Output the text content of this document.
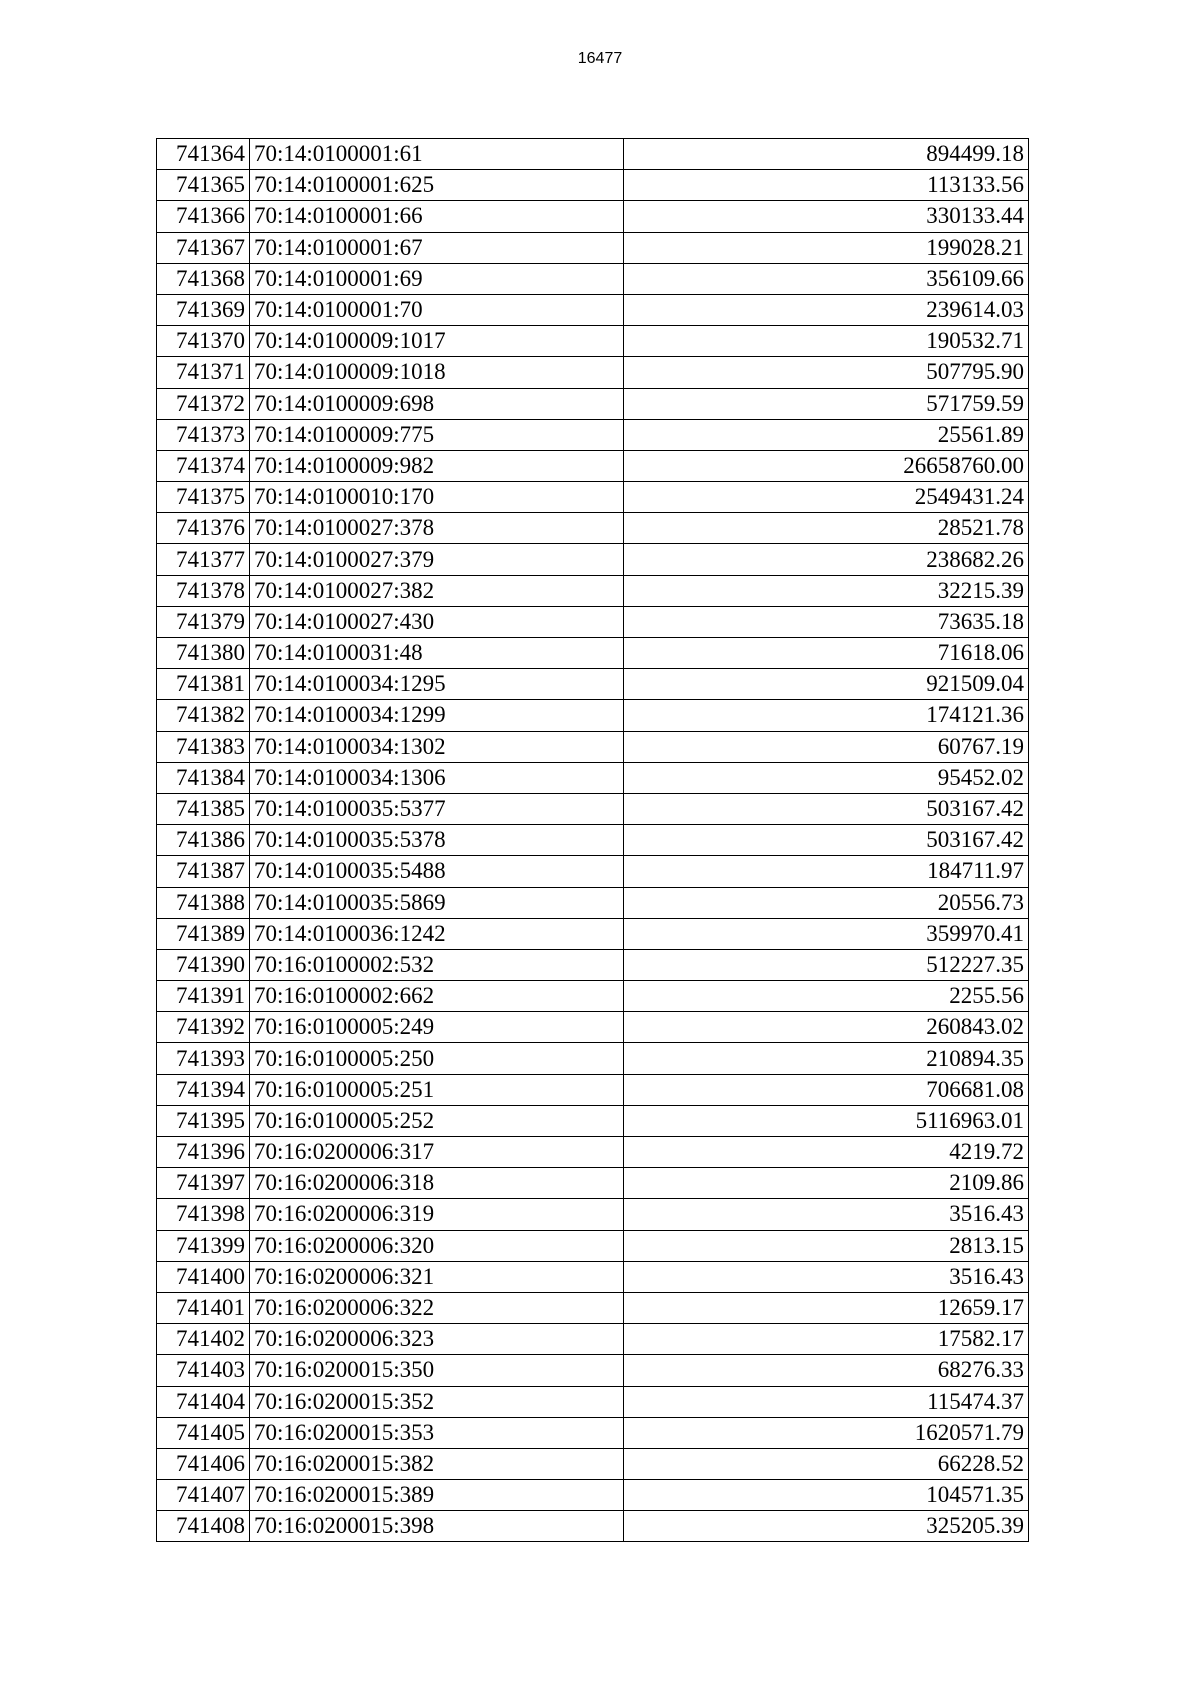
16477
741364	70:14:0100001:61	894499.18
741365	70:14:0100001:625	113133.56
741366	70:14:0100001:66	330133.44
741367	70:14:0100001:67	199028.21
741368	70:14:0100001:69	356109.66
741369	70:14:0100001:70	239614.03
741370	70:14:0100009:1017	190532.71
741371	70:14:0100009:1018	507795.90
741372	70:14:0100009:698	571759.59
741373	70:14:0100009:775	25561.89
741374	70:14:0100009:982	26658760.00
741375	70:14:0100010:170	2549431.24
741376	70:14:0100027:378	28521.78
741377	70:14:0100027:379	238682.26
741378	70:14:0100027:382	32215.39
741379	70:14:0100027:430	73635.18
741380	70:14:0100031:48	71618.06
741381	70:14:0100034:1295	921509.04
741382	70:14:0100034:1299	174121.36
741383	70:14:0100034:1302	60767.19
741384	70:14:0100034:1306	95452.02
741385	70:14:0100035:5377	503167.42
741386	70:14:0100035:5378	503167.42
741387	70:14:0100035:5488	184711.97
741388	70:14:0100035:5869	20556.73
741389	70:14:0100036:1242	359970.41
741390	70:16:0100002:532	512227.35
741391	70:16:0100002:662	2255.56
741392	70:16:0100005:249	260843.02
741393	70:16:0100005:250	210894.35
741394	70:16:0100005:251	706681.08
741395	70:16:0100005:252	5116963.01
741396	70:16:0200006:317	4219.72
741397	70:16:0200006:318	2109.86
741398	70:16:0200006:319	3516.43
741399	70:16:0200006:320	2813.15
741400	70:16:0200006:321	3516.43
741401	70:16:0200006:322	12659.17
741402	70:16:0200006:323	17582.17
741403	70:16:0200015:350	68276.33
741404	70:16:0200015:352	115474.37
741405	70:16:0200015:353	1620571.79
741406	70:16:0200015:382	66228.52
741407	70:16:0200015:389	104571.35
741408	70:16:0200015:398	325205.39
